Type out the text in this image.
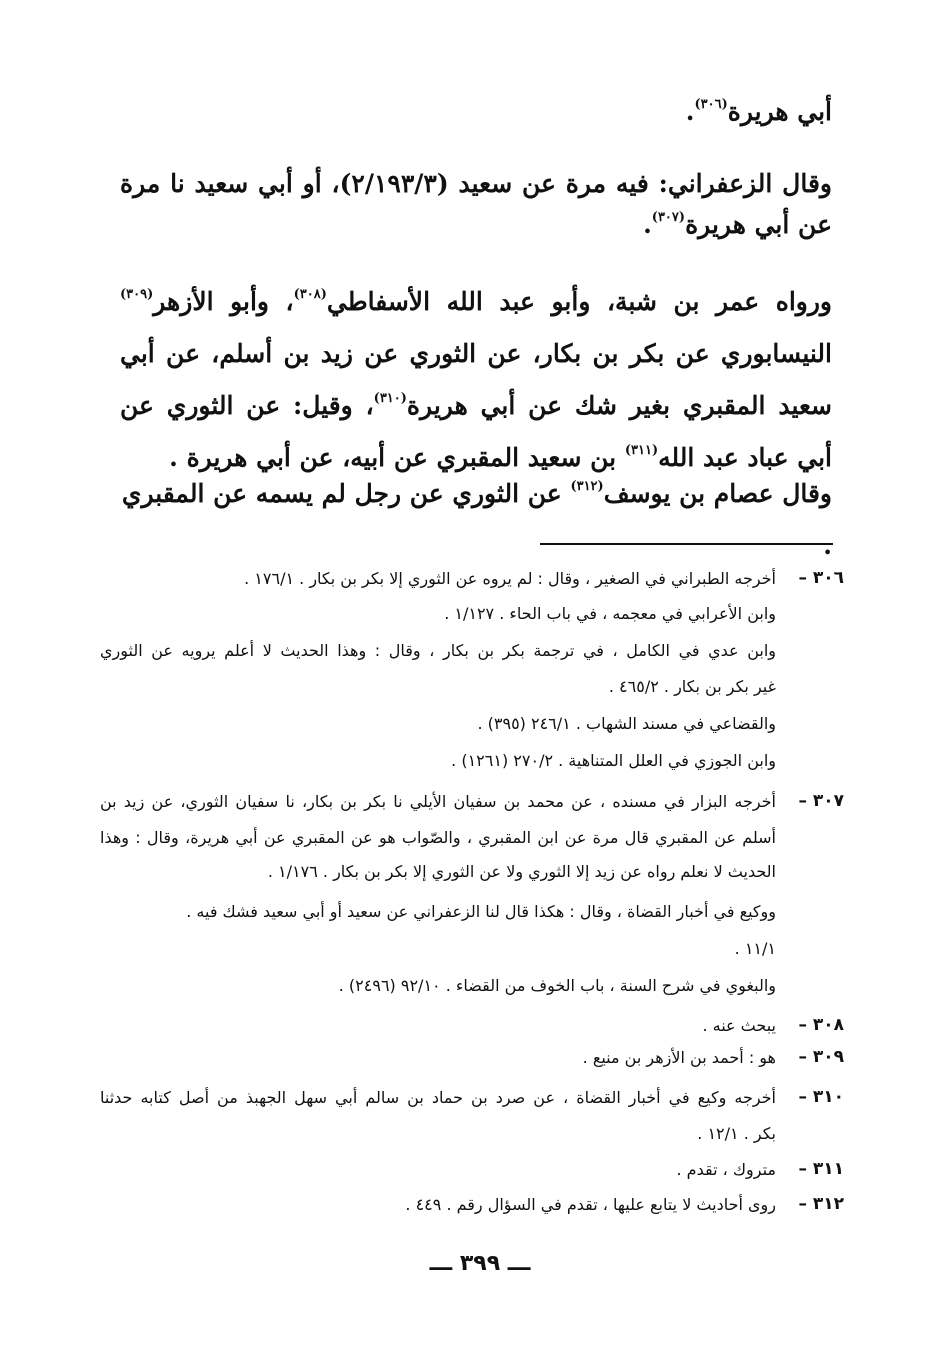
أبي هريرة$^{(٣٠٦)}$.

وقال الزعفراني: فيه مرة عن سعيد (٢/١٩٣/٣)، أو أبي سعيد نا مرة عن أبي هريرة$^{(٣٠٧)}$.

ورواه عمر بن شبة، وأبو عبد الله الأسفاطي$^{(٣٠٨)}$، وأبو الأزهر$^{(٣٠٩)}$ النيسابوري عن بكر بن بكار، عن الثوري عن زيد بن أسلم، عن أبي سعيد المقبري بغير شك عن أبي هريرة$^{(٣١٠)}$، وقيل: عن الثوري عن أبي عباد عبد الله$^{(٣١١)}$ بن سعيد المقبري عن أبيه، عن أبي هريرة .

وقال عصام بن يوسف$^{(٣١٢)}$ عن الثوري عن رجل لم يسمه عن المقبري .

٣٠٦ –
٣٠٧ –
٣٠٨ –
٣٠٩ –
٣١٠ –
٣١١ –
٣١٢ –
أخرجه الطبراني في الصغير ، وقال : لم يروه عن الثوري إلا بكر بن بكار . ١٧٦/١ .
وابن الأعرابي في معجمه ، في باب الحاء . ١/١٢٧ .
وابن عدي في الكامل ، في ترجمة بكر بن بكار ، وقال : وهذا الحديث لا أعلم يرويه عن الثوري
غير بكر بن بكار . ٤٦٥/٢ .
والقضاعي في مسند الشهاب . ٢٤٦/١ (٣٩٥) .
وابن الجوزي في العلل المتناهية . ٢٧٠/٢ (١٢٦١) .
أخرجه البزار في مسنده ، عن محمد بن سفيان الأيلي نا بكر بن بكار، نا سفيان الثوري، عن زيد بن
أسلم عن المقبري قال مرة عن ابن المقبري ، والصّواب هو عن المقبري عن أبي هريرة، وقال : وهذا
الحديث لا نعلم رواه عن زيد إلا الثوري ولا عن الثوري إلا بكر بن بكار . ١/١٧٦ .
ووكيع في أخبار القضاة ، وقال : هكذا قال لنا الزعفراني عن سعيد أو أبي سعيد فشك فيه .
١١/١ .
والبغوي في شرح السنة ، باب الخوف من القضاء . ٩٢/١٠ (٢٤٩٦) .
يبحث عنه .
هو : أحمد بن الأزهر بن منيع .
أخرجه وكيع في أخبار القضاة ، عن صرد بن حماد بن سالم أبي سهل الجهبذ من أصل كتابه حدثنا
بكر . ١٢/١ .
متروك ، تقدم .
روى أحاديث لا يتابع عليها ، تقدم في السؤال رقم . ٤٤٩ .
ـــ ٣٩٩ ـــ
